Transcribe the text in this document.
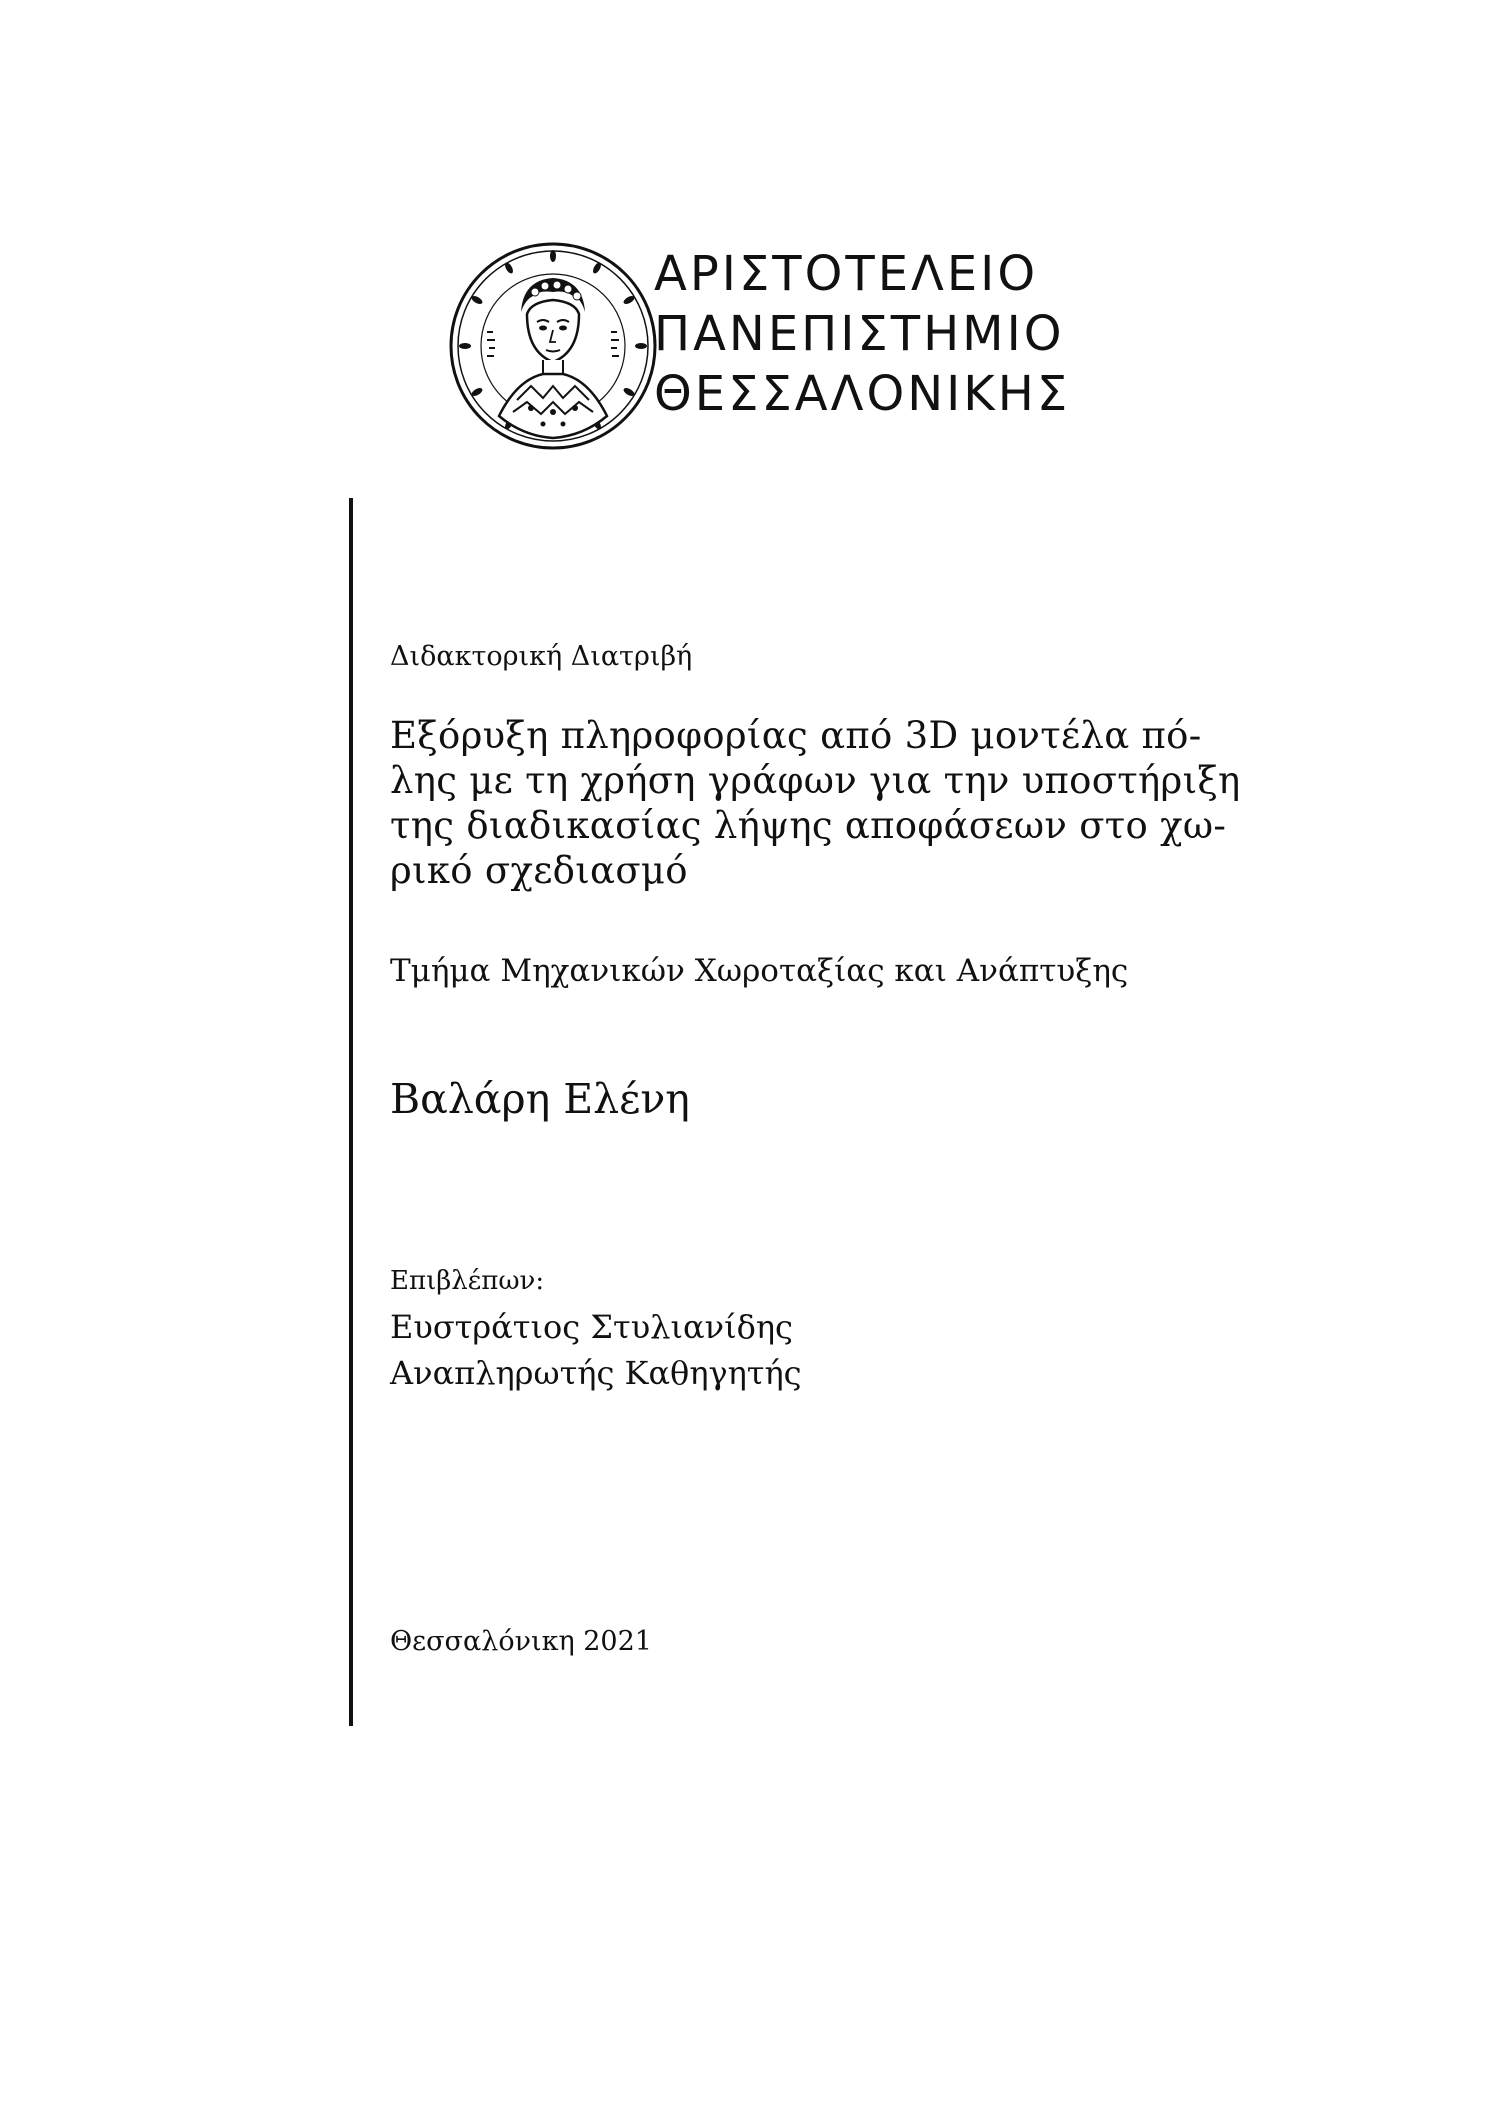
ΑΡΙΣΤΟΤΕΛΕΙΟ
ΠΑΝΕΠΙΣΤΗΜΙΟ
ΘΕΣΣΑΛΟΝΙΚΗΣ
Διδακτορική Διατριβή
Εξόρυξη πληροφορίας από 3D μοντέλα πό-
λης με τη χρήση γράφων για την υποστήριξη
της διαδικασίας λήψης αποφάσεων στο χω-
ρικό σχεδιασμό
Τμήμα Μηχανικών Χωροταξίας και Ανάπτυξης
Βαλάρη Ελένη
Επιβλέπων:
Ευστράτιος Στυλιανίδης
Αναπληρωτής Καθηγητής
Θεσσαλόνικη 2021
